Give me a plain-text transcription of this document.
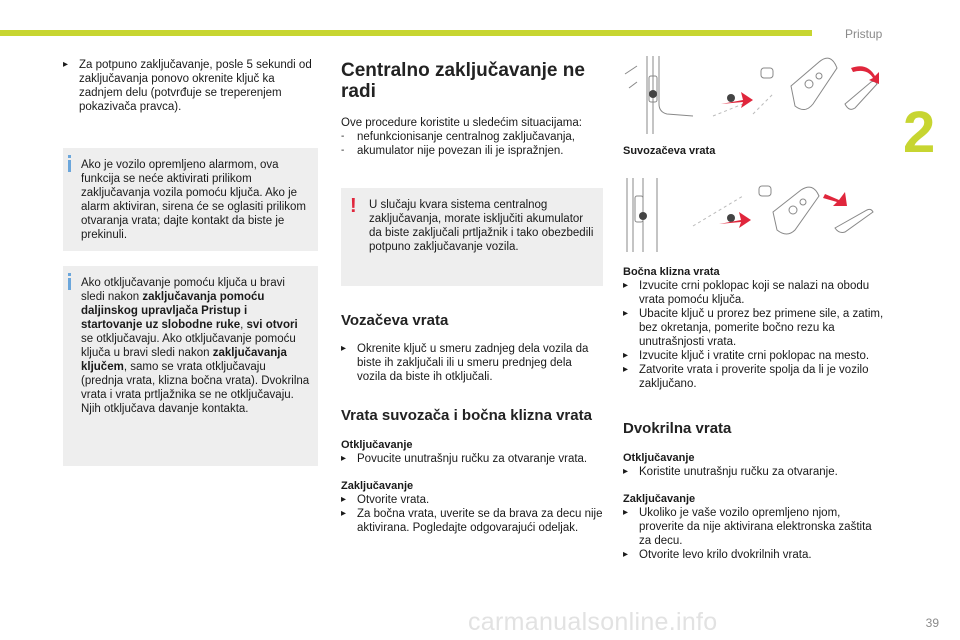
Pristup
2
▸ Za potpuno zaključavanje, posle 5 sekundi od zaključavanja ponovo okrenite ključ ka zadnjem delu (potvrđuje se treperenjem pokazivača pravca).
Ako je vozilo opremljeno alarmom, ova funkcija se neće aktivirati prilikom zaključavanja vozila pomoću ključa. Ako je alarm aktiviran, sirena će se oglasiti prilikom otvaranja vrata; dajte kontakt da biste je prekinuli.
Ako otključavanje pomoću ključa u bravi sledi nakon zaključavanja pomoću daljinskog upravljača Pristup i startovanje uz slobodne ruke, svi otvori se otključavaju. Ako otključavanje pomoću ključa u bravi sledi nakon zaključavanja ključem, samo se vrata otključavaju (prednja vrata, klizna bočna vrata). Dvokrilna vrata i vrata prtljažnika se ne otključavaju. Njih otključava davanje kontakta.
Centralno zaključavanje ne radi
Ove procedure koristite u sledećim situacijama:
-	nefunkcionisanje centralnog zaključavanja,
-	akumulator nije povezan ili je ispražnjen.
! U slučaju kvara sistema centralnog zaključavanja, morate isključiti akumulator da biste zaključali prtljažnik i tako obezbedili potpuno zaključavanje vozila.
Vozačeva vrata
▸ Okrenite ključ u smeru zadnjeg dela vozila da biste ih zaključali ili u smeru prednjeg dela vozila da biste ih otključali.
Vrata suvozača i bočna klizna vrata
Otključavanje
▸ Povucite unutrašnju ručku za otvaranje vrata.
Zaključavanje
▸ Otvorite vrata.
▸ Za bočna vrata, uverite se da brava za decu nije aktivirana. Pogledajte odgovarajući odeljak.
Suvozačeva vrata
Bočna klizna vrata
▸ Izvucite crni poklopac koji se nalazi na obodu vrata pomoću ključa.
▸ Ubacite ključ u prorez bez primene sile, a zatim, bez okretanja, pomerite bočno rezu ka unutrašnjosti vrata.
▸ Izvucite ključ i vratite crni poklopac na mesto.
▸ Zatvorite vrata i proverite spolja da li je vozilo zaključano.
Dvokrilna vrata
Otključavanje
▸ Koristite unutrašnju ručku za otvaranje.
Zaključavanje
▸ Ukoliko je vaše vozilo opremljeno njom, proverite da nije aktivirana elektronska zaštita za decu.
▸ Otvorite levo krilo dvokrilnih vrata.
39
carmanualsonline.info
